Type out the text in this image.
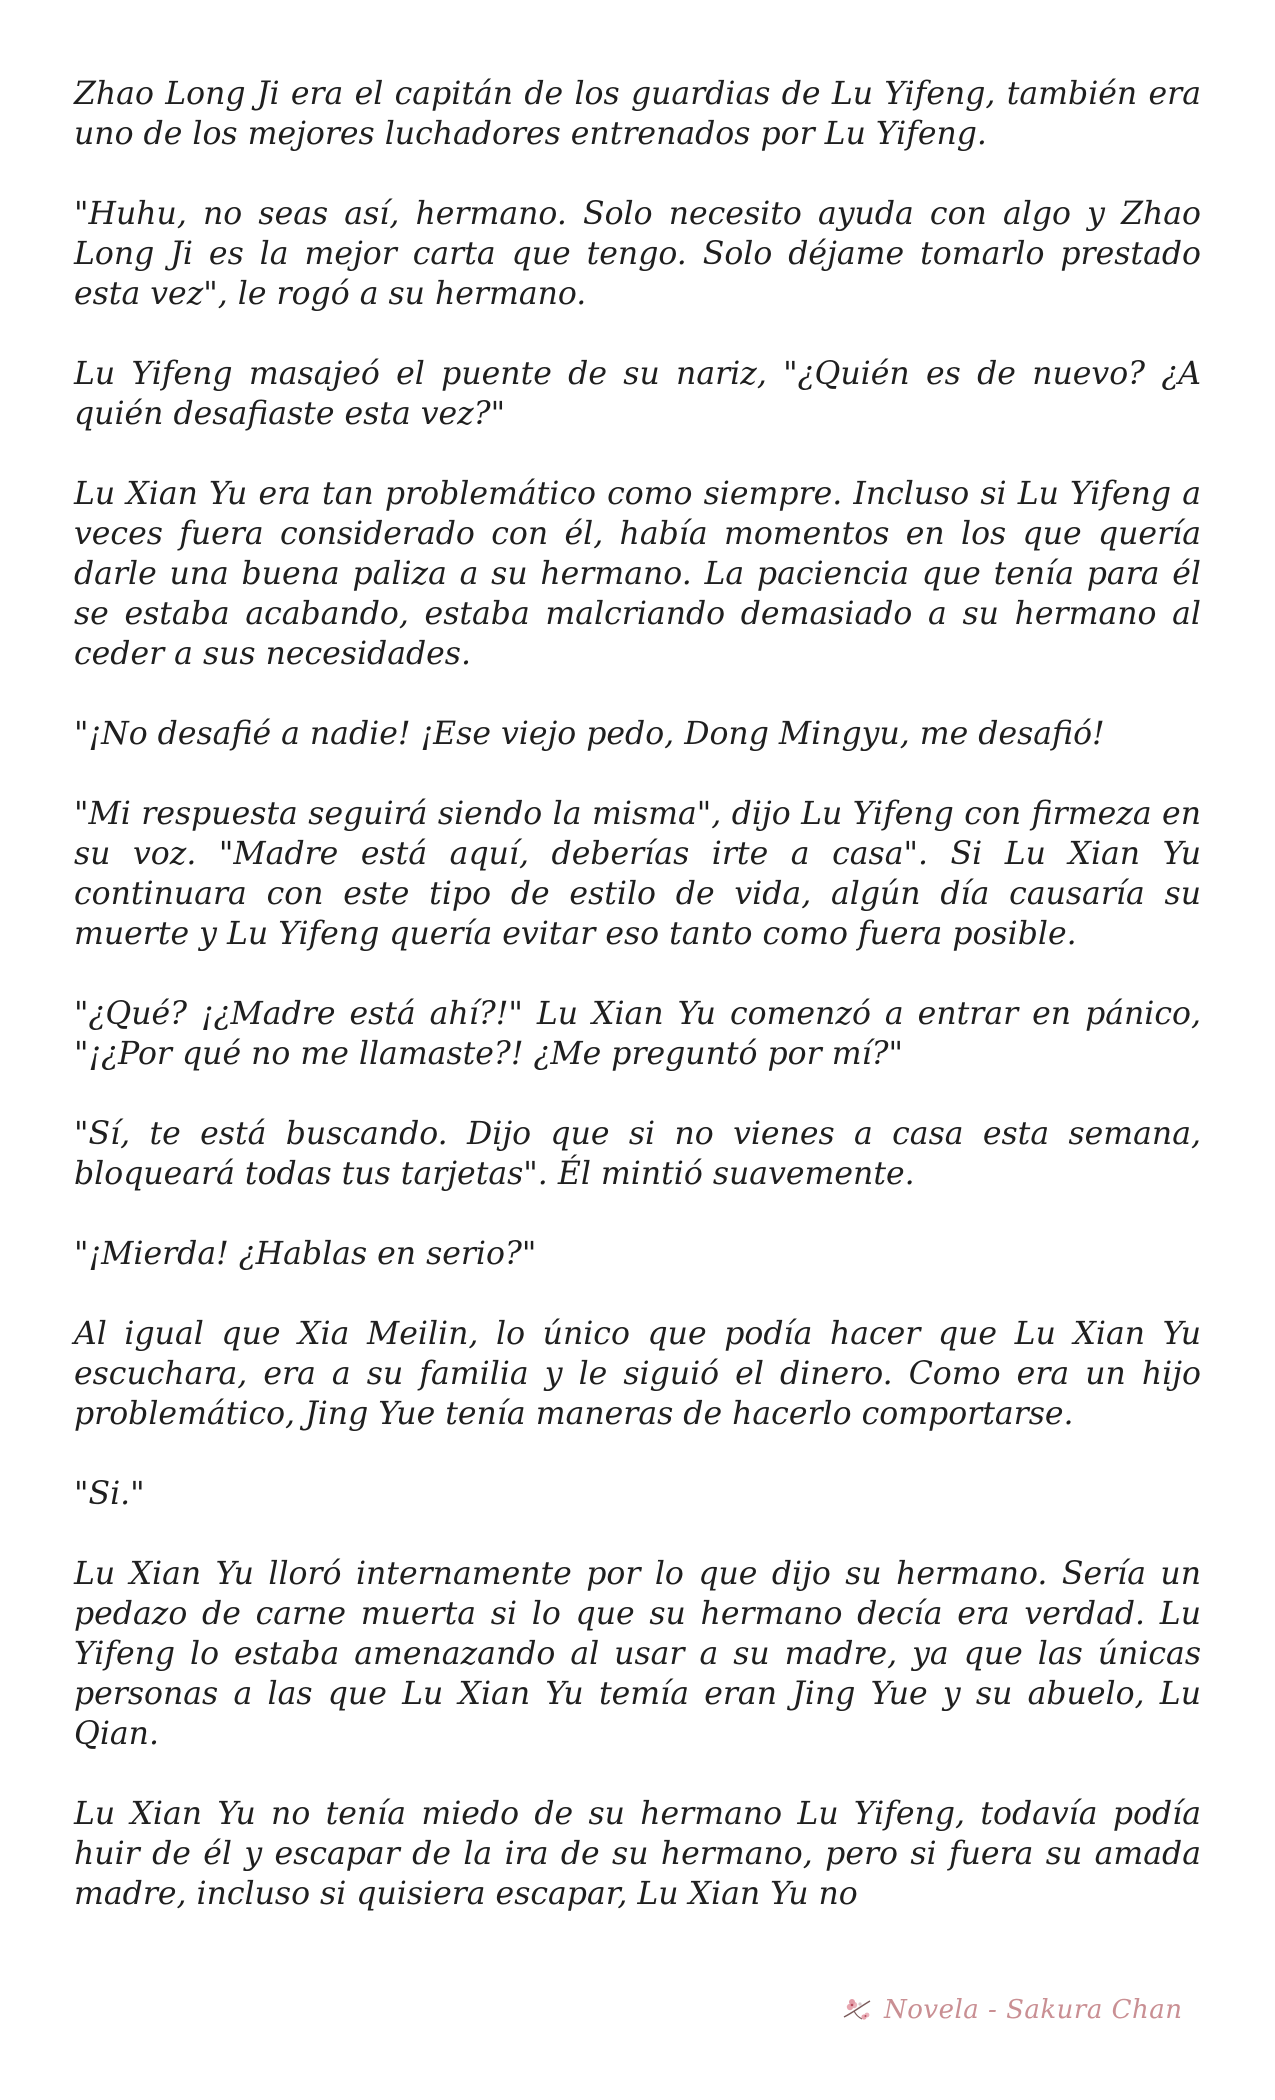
Zhao Long Ji era el capitán de los guardias de Lu Yifeng, también era uno de los mejores luchadores entrenados por Lu Yifeng.

"Huhu, no seas así, hermano. Solo necesito ayuda con algo y Zhao Long Ji es la mejor carta que tengo. Solo déjame tomarlo prestado esta vez", le rogó a su hermano.

Lu Yifeng masajeó el puente de su nariz, "¿Quién es de nuevo? ¿A quién desafiaste esta vez?"

Lu Xian Yu era tan problemático como siempre. Incluso si Lu Yifeng a veces fuera considerado con él, había momentos en los que quería darle una buena paliza a su hermano. La paciencia que tenía para él se estaba acabando, estaba malcriando demasiado a su hermano al ceder a sus necesidades.

"¡No desafié a nadie! ¡Ese viejo pedo, Dong Mingyu, me desafió!

"Mi respuesta seguirá siendo la misma", dijo Lu Yifeng con firmeza en su voz. "Madre está aquí, deberías irte a casa". Si Lu Xian Yu continuara con este tipo de estilo de vida, algún día causaría su muerte y Lu Yifeng quería evitar eso tanto como fuera posible.

"¿Qué? ¡¿Madre está ahí?!" Lu Xian Yu comenzó a entrar en pánico, "¡¿Por qué no me llamaste?! ¿Me preguntó por mí?"

"Sí, te está buscando. Dijo que si no vienes a casa esta semana, bloqueará todas tus tarjetas". Él mintió suavemente.

"¡Mierda! ¿Hablas en serio?"

Al igual que Xia Meilin, lo único que podía hacer que Lu Xian Yu escuchara, era a su familia y le siguió el dinero. Como era un hijo problemático, Jing Yue tenía maneras de hacerlo comportarse.

"Si."

Lu Xian Yu lloró internamente por lo que dijo su hermano. Sería un pedazo de carne muerta si lo que su hermano decía era verdad. Lu Yifeng lo estaba amenazando al usar a su madre, ya que las únicas personas a las que Lu Xian Yu temía eran Jing Yue y su abuelo, Lu Qian.

Lu Xian Yu no tenía miedo de su hermano Lu Yifeng, todavía podía huir de él y escapar de la ira de su hermano, pero si fuera su amada madre, incluso si quisiera escapar, Lu Xian Yu no

Novela - Sakura Chan
